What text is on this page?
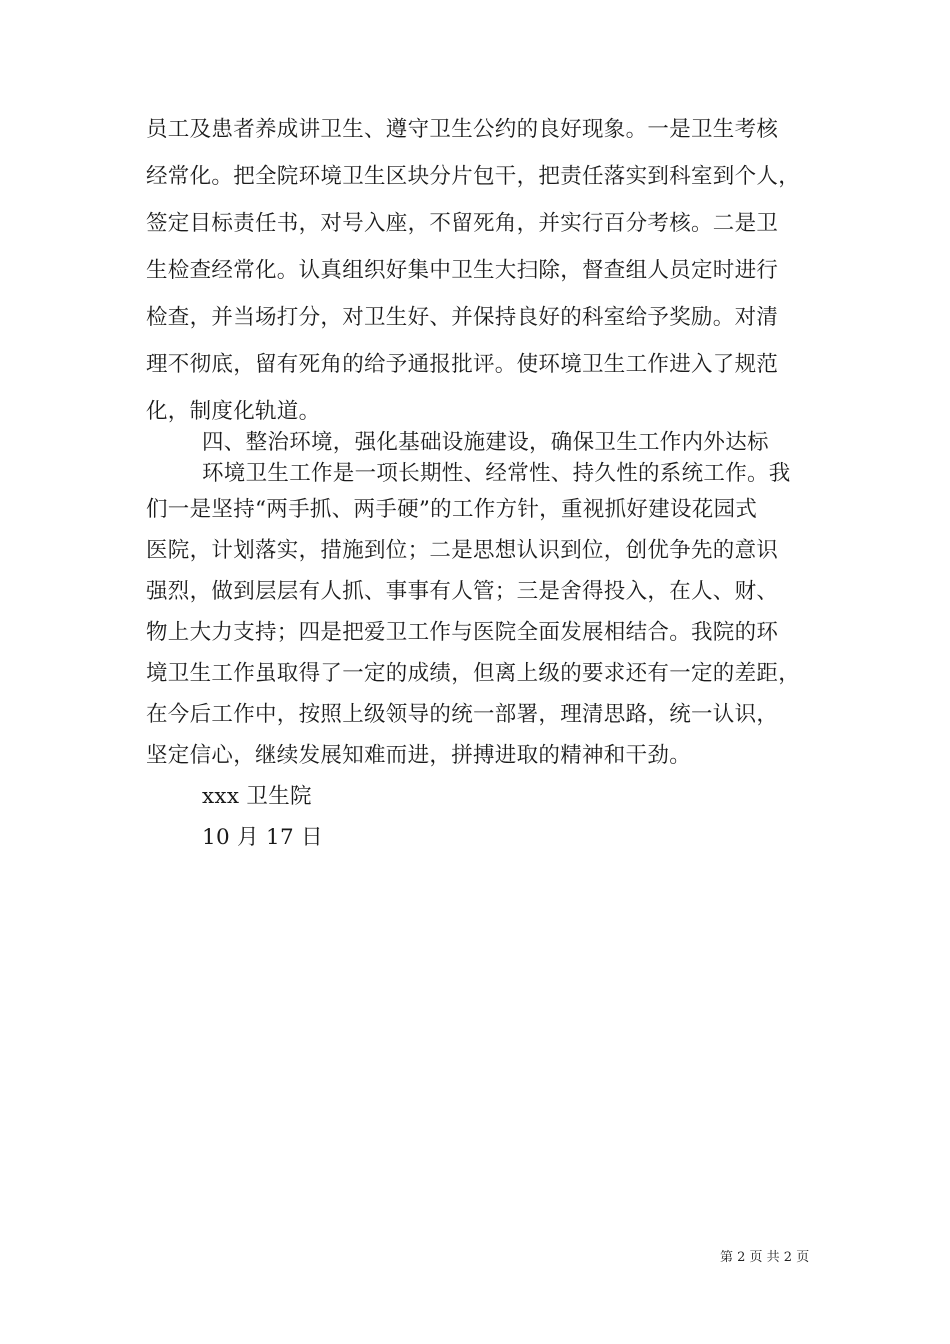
员工及患者养成讲卫生、遵守卫生公约的良好现象。一是卫生考核
经常化。把全院环境卫生区块分片包干，把责任落实到科室到个人，
签定目标责任书，对号入座，不留死角，并实行百分考核。二是卫
生检查经常化。认真组织好集中卫生大扫除，督查组人员定时进行
检查，并当场打分，对卫生好、并保持良好的科室给予奖励。对清
理不彻底，留有死角的给予通报批评。使环境卫生工作进入了规范
化，制度化轨道。
四、整治环境，强化基础设施建设，确保卫生工作内外达标
环境卫生工作是一项长期性、经常性、持久性的系统工作。我
们一是坚持“两手抓、两手硬”的工作方针，重视抓好建设花园式
医院，计划落实，措施到位；二是思想认识到位，创优争先的意识
强烈，做到层层有人抓、事事有人管；三是舍得投入，在人、财、
物上大力支持；四是把爱卫工作与医院全面发展相结合。我院的环
境卫生工作虽取得了一定的成绩，但离上级的要求还有一定的差距，
在今后工作中，按照上级领导的统一部署，理清思路，统一认识，
坚定信心，继续发展知难而进，拼搏进取的精神和干劲。
xxx 卫生院
10 月 17 日
第 2 页 共 2 页
